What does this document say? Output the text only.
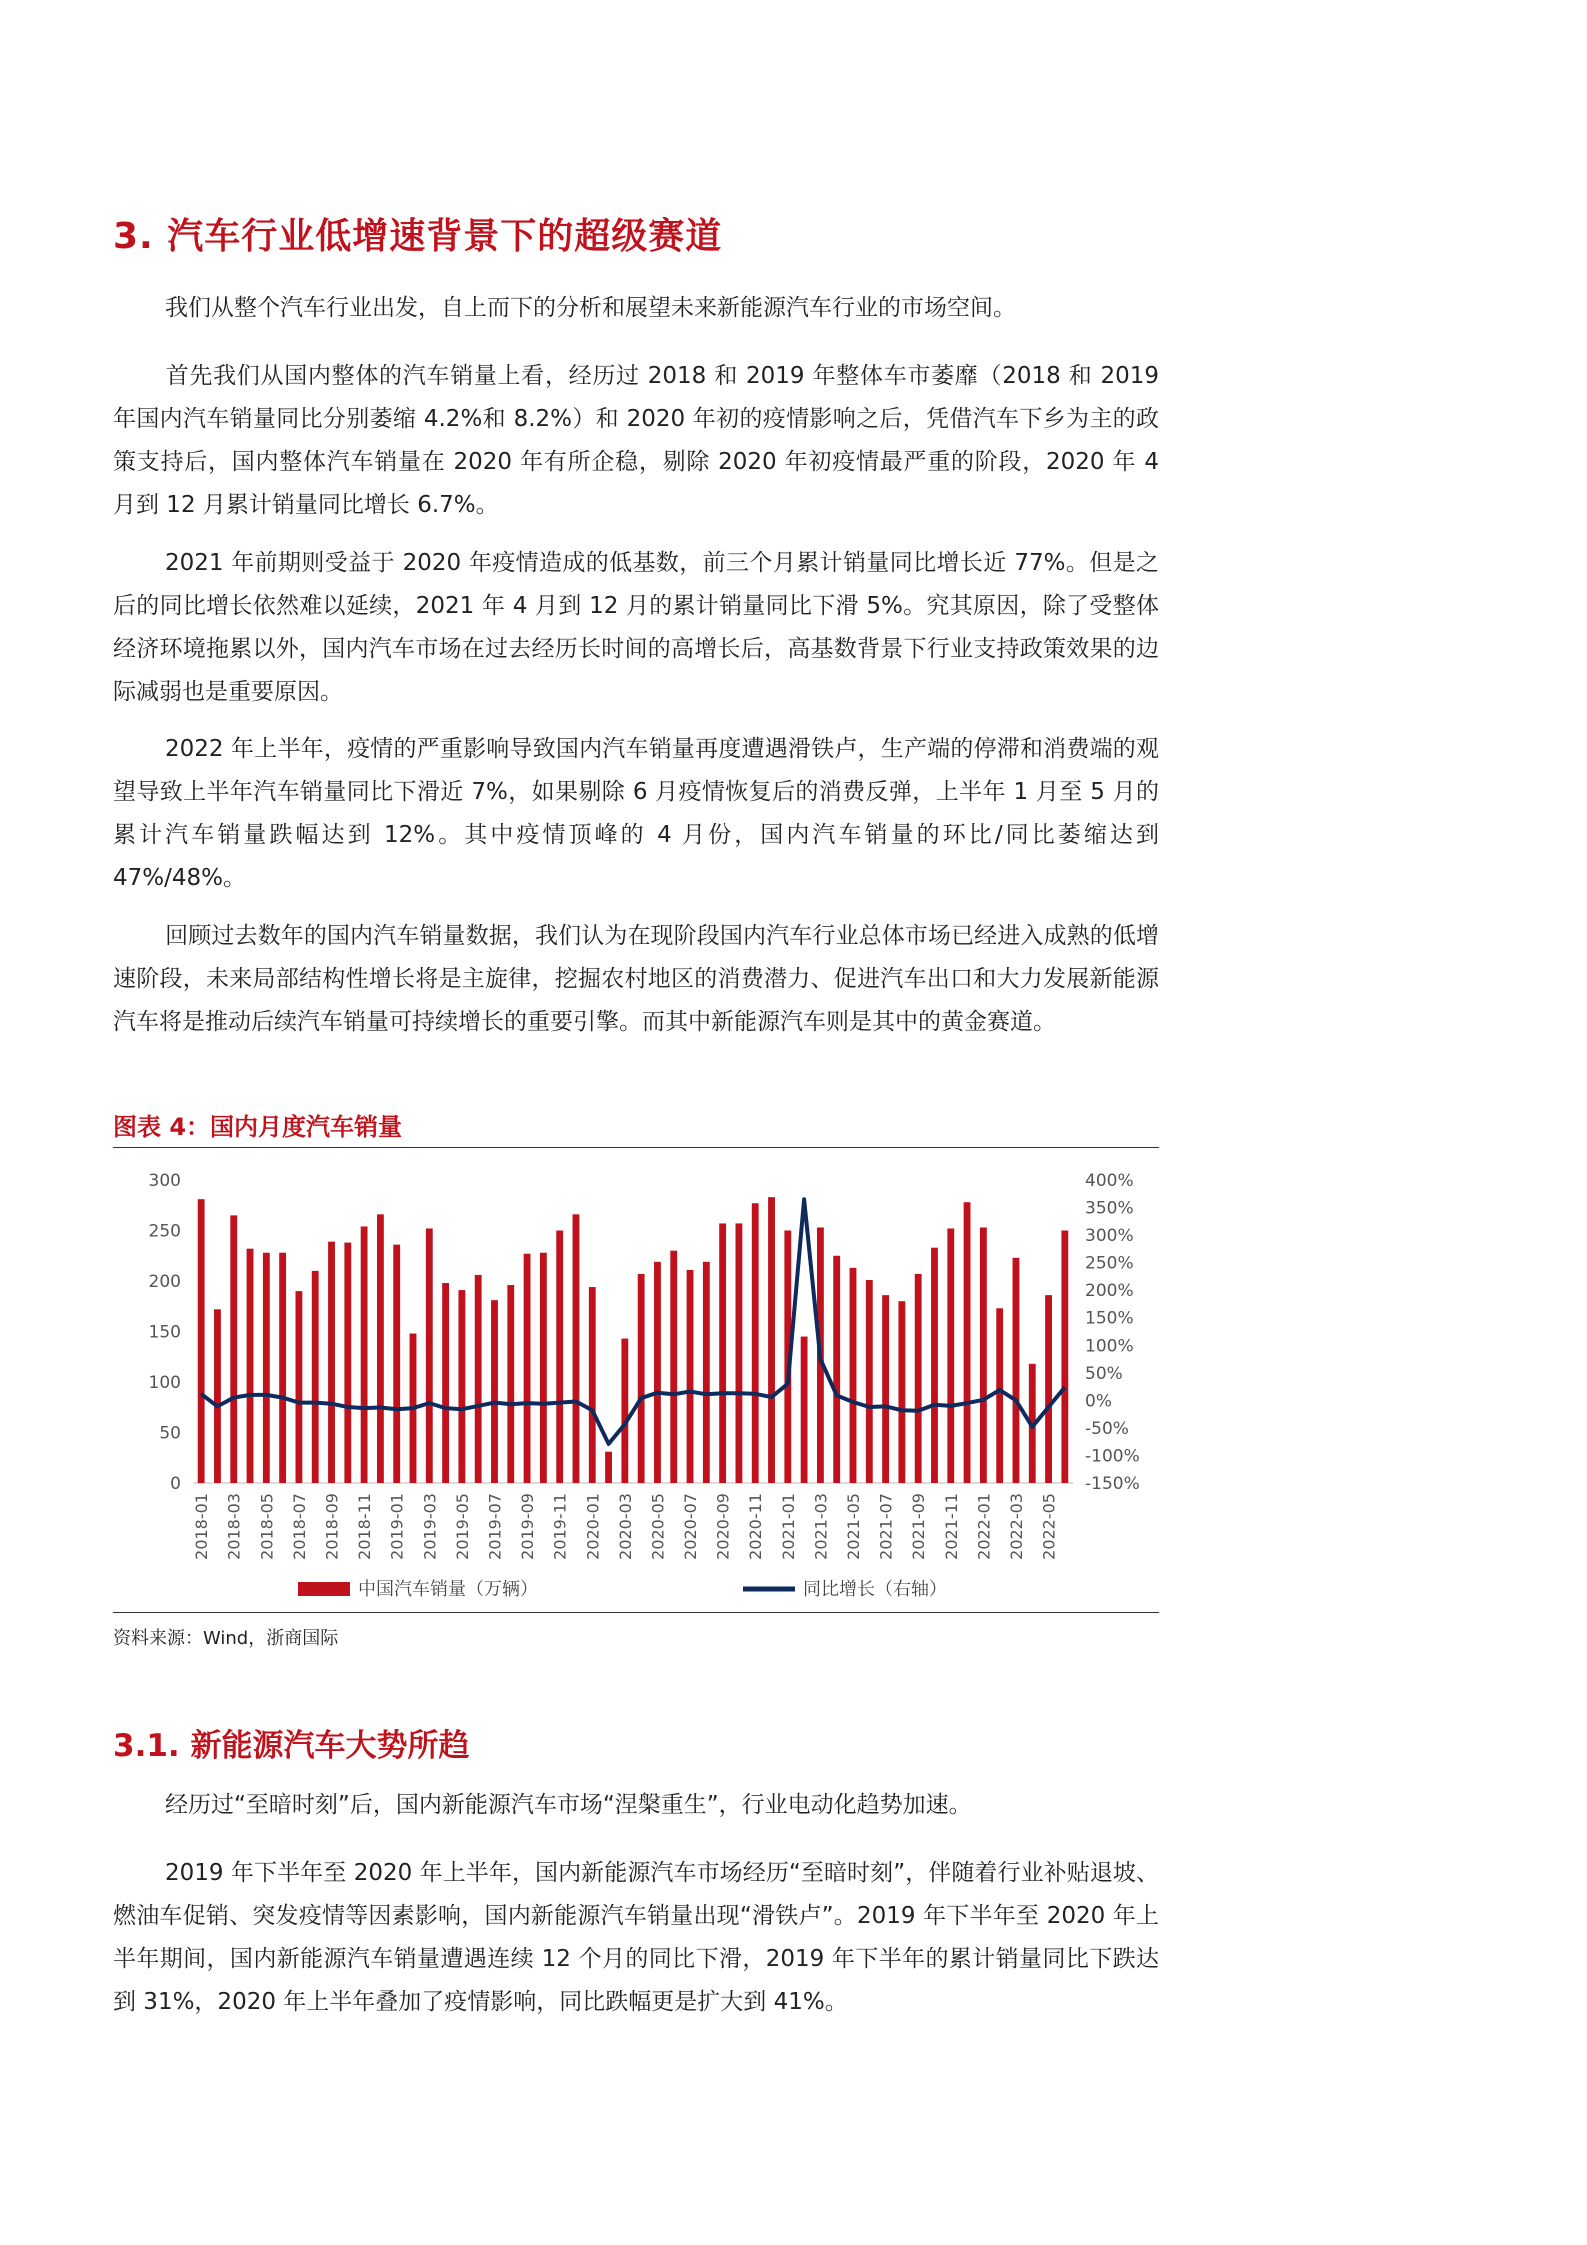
3. 汽车行业低增速背景下的超级赛道
我们从整个汽车行业出发，自上而下的分析和展望未来新能源汽车行业的市场空间。
首先我们从国内整体的汽车销量上看，经历过 2018 和 2019 年整体车市萎靡（2018 和 2019 年国内汽车销量同比分别萎缩 4.2%和 8.2%）和 2020 年初的疫情影响之后，凭借汽车下乡为主的政策支持后，国内整体汽车销量在 2020 年有所企稳，剔除 2020 年初疫情最严重的阶段，2020 年 4 月到 12 月累计销量同比增长 6.7%。
2021 年前期则受益于 2020 年疫情造成的低基数，前三个月累计销量同比增长近 77%。但是之后的同比增长依然难以延续，2021 年 4 月到 12 月的累计销量同比下滑 5%。究其原因，除了受整体经济环境拖累以外，国内汽车市场在过去经历长时间的高增长后，高基数背景下行业支持政策效果的边际减弱也是重要原因。
2022 年上半年，疫情的严重影响导致国内汽车销量再度遭遇滑铁卢，生产端的停滞和消费端的观望导致上半年汽车销量同比下滑近 7%，如果剔除 6 月疫情恢复后的消费反弹，上半年 1 月至 5 月的累计汽车销量跌幅达到 12%。其中疫情顶峰的 4 月份，国内汽车销量的环比/同比萎缩达到 47%/48%。
回顾过去数年的国内汽车销量数据，我们认为在现阶段国内汽车行业总体市场已经进入成熟的低增速阶段，未来局部结构性增长将是主旋律，挖掘农村地区的消费潜力、促进汽车出口和大力发展新能源汽车将是推动后续汽车销量可持续增长的重要引擎。而其中新能源汽车则是其中的黄金赛道。
图表 4：国内月度汽车销量
0
50
100
150
200
250
300
-150%
-100%
-50%
0%
50%
100%
150%
200%
250%
300%
350%
400%
2018-01 2018-03 2018-05 2018-07 2018-09 2018-11 2019-01 2019-03 2019-05 2019-07 2019-09 2019-11 2020-01 2020-03 2020-05 2020-07 2020-09 2020-11 2021-01 2021-03 2021-05 2021-07 2021-09 2021-11 2022-01 2022-03 2022-05
中国汽车销量（万辆）	同比增长（右轴）
资料来源：Wind，浙商国际
3.1. 新能源汽车大势所趋
经历过“至暗时刻”后，国内新能源汽车市场“涅槃重生”，行业电动化趋势加速。
2019 年下半年至 2020 年上半年，国内新能源汽车市场经历“至暗时刻”，伴随着行业补贴退坡、燃油车促销、突发疫情等因素影响，国内新能源汽车销量出现“滑铁卢”。2019 年下半年至 2020 年上半年期间，国内新能源汽车销量遭遇连续 12 个月的同比下滑，2019 年下半年的累计销量同比下跌达到 31%，2020 年上半年叠加了疫情影响，同比跌幅更是扩大到 41%。
